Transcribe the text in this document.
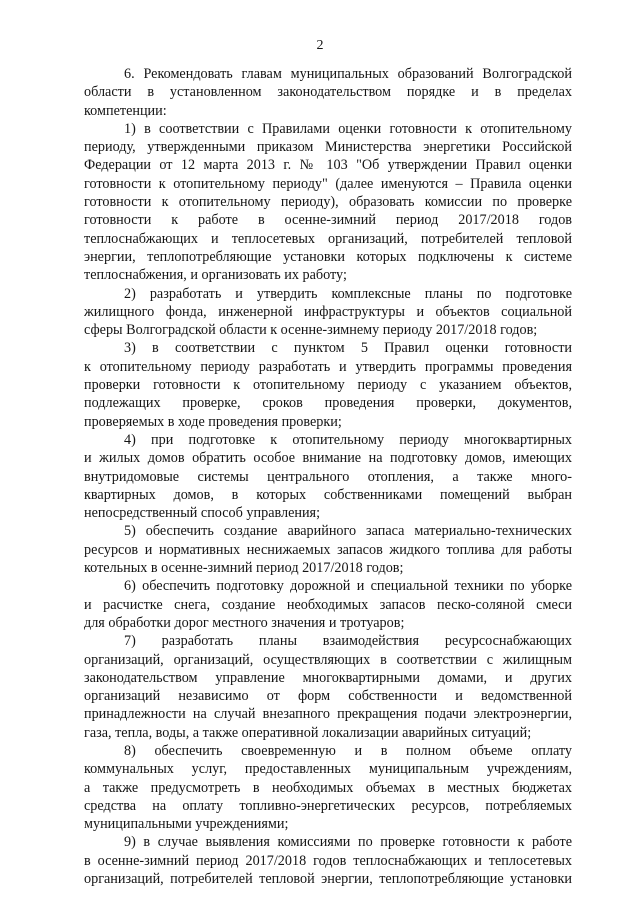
2
6. Рекомендовать главам муниципальных образований Волгоградской
области в установленном законодательством порядке и в пределах
компетенции:
1) в соответствии с Правилами оценки готовности к отопительному
периоду, утвержденными приказом Министерства энергетики Российской
Федерации от 12 марта 2013 г. № 103 "Об утверждении Правил оценки
готовности к отопительному периоду" (далее именуются – Правила оценки
готовности к отопительному периоду), образовать комиссии по проверке
готовности к работе в осенне-зимний период 2017/2018 годов
теплоснабжающих и теплосетевых организаций, потребителей тепловой
энергии, теплопотребляющие установки которых подключены к системе
теплоснабжения, и организовать их работу;
2) разработать и утвердить комплексные планы по подготовке
жилищного фонда, инженерной инфраструктуры и объектов социальной
сферы Волгоградской области к осенне-зимнему периоду 2017/2018 годов;
3) в соответствии с пунктом 5 Правил оценки готовности
к отопительному периоду разработать и утвердить программы проведения
проверки готовности к отопительному периоду с указанием объектов,
подлежащих проверке, сроков проведения проверки, документов,
проверяемых в ходе проведения проверки;
4) при подготовке к отопительному периоду многоквартирных
и жилых домов обратить особое внимание на подготовку домов, имеющих
внутридомовые системы центрального отопления, а также много-
квартирных домов, в которых собственниками помещений выбран
непосредственный способ управления;
5) обеспечить создание аварийного запаса материально-технических
ресурсов и нормативных неснижаемых запасов жидкого топлива для работы
котельных в осенне-зимний период 2017/2018 годов;
6) обеспечить подготовку дорожной и специальной техники по уборке
и расчистке снега, создание необходимых запасов песко-соляной смеси
для обработки дорог местного значения и тротуаров;
7) разработать планы взаимодействия ресурсоснабжающих
организаций, организаций, осуществляющих в соответствии с жилищным
законодательством управление многоквартирными домами, и других
организаций независимо от форм собственности и ведомственной
принадлежности на случай внезапного прекращения подачи электроэнергии,
газа, тепла, воды, а также оперативной локализации аварийных ситуаций;
8) обеспечить своевременную и в полном объеме оплату
коммунальных услуг, предоставленных муниципальным учреждениям,
а также предусмотреть в необходимых объемах в местных бюджетах
средства на оплату топливно-энергетических ресурсов, потребляемых
муниципальными учреждениями;
9) в случае выявления комиссиями по проверке готовности к работе
в осенне-зимний период 2017/2018 годов теплоснабжающих и теплосетевых
организаций, потребителей тепловой энергии, теплопотребляющие установки
